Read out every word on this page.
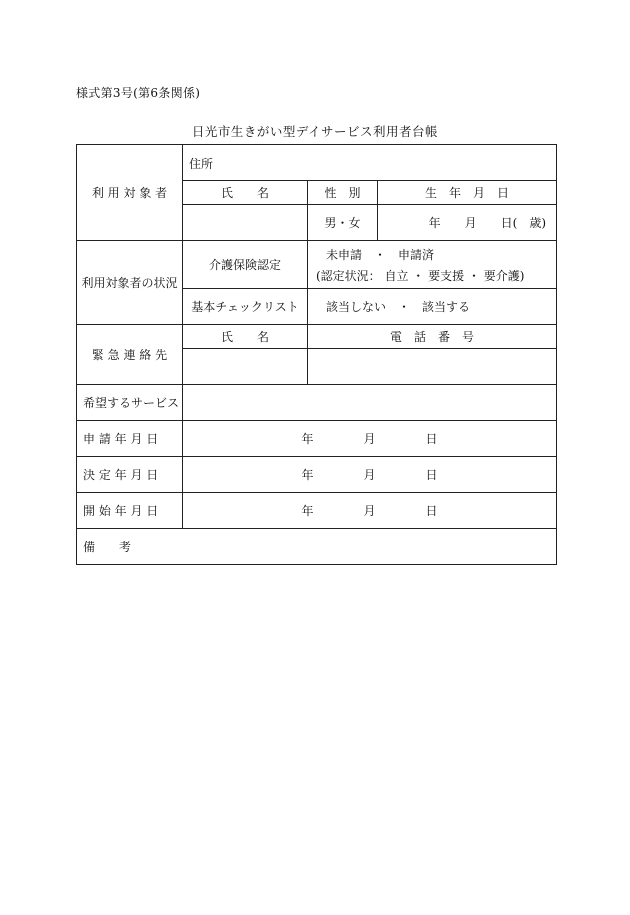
様式第3号(第6条関係)
日光市生きがい型デイサービス利用者台帳
利 用 対 象 者	住所		
	氏　　名	性　別	生　年　月　日
		男・女	年　　月　　日(　歳)
利用対象者の状況	介護保険認定	未申請　・　申請済
(認定状況： 自立 ・ 要支援 ・ 要介護)	

	基本チェックリスト	該当しない　・　該当する	
緊 急 連 絡 先	氏　　名	電　話　番　号	

希望するサービス			
申 請 年 月 日	年 月 日		
決 定 年 月 日	年 月 日		
開 始 年 月 日	年 月 日		
備　　考			
